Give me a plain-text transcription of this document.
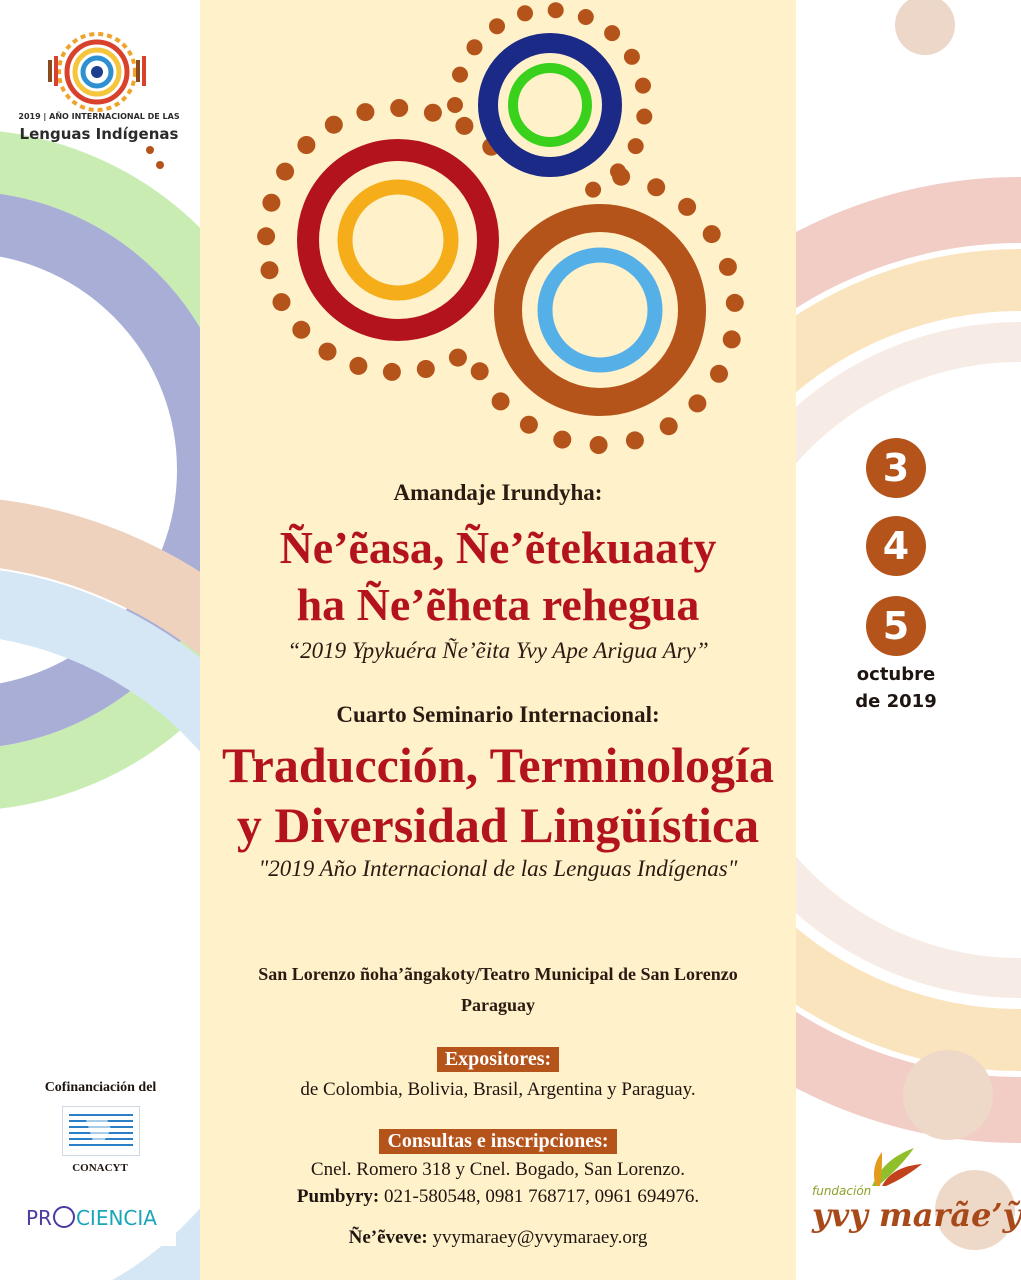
2019 | AÑO INTERNACIONAL DE LAS
Lenguas Indígenas
Amandaje Irundyha:
Ñe’ẽasa, Ñe’ẽtekuaaty
ha Ñe’ẽheta rehegua
“2019 Ypykuéra Ñe’ẽita Yvy Ape Arigua Ary”
Cuarto Seminario Internacional:
Traducción, Terminología
y Diversidad Lingüística
"2019 Año Internacional de las Lenguas Indígenas"
San Lorenzo ñoha’ãngakoty/Teatro Municipal de San Lorenzo
Paraguay
Expositores:
de Colombia, Bolivia, Brasil, Argentina y Paraguay.
Consultas e inscripciones:
Cnel. Romero 318 y Cnel. Bogado, San Lorenzo.
Pumbyry: 021-580548, 0981 768717, 0961 694976.
Ñe’ẽveve: yvymaraey@yvymaraey.org
3
4
5
octubre
de 2019
Cofinanciación del
CONACYT
PR CIENCIA
fundación
yvy marãe’ỹ
